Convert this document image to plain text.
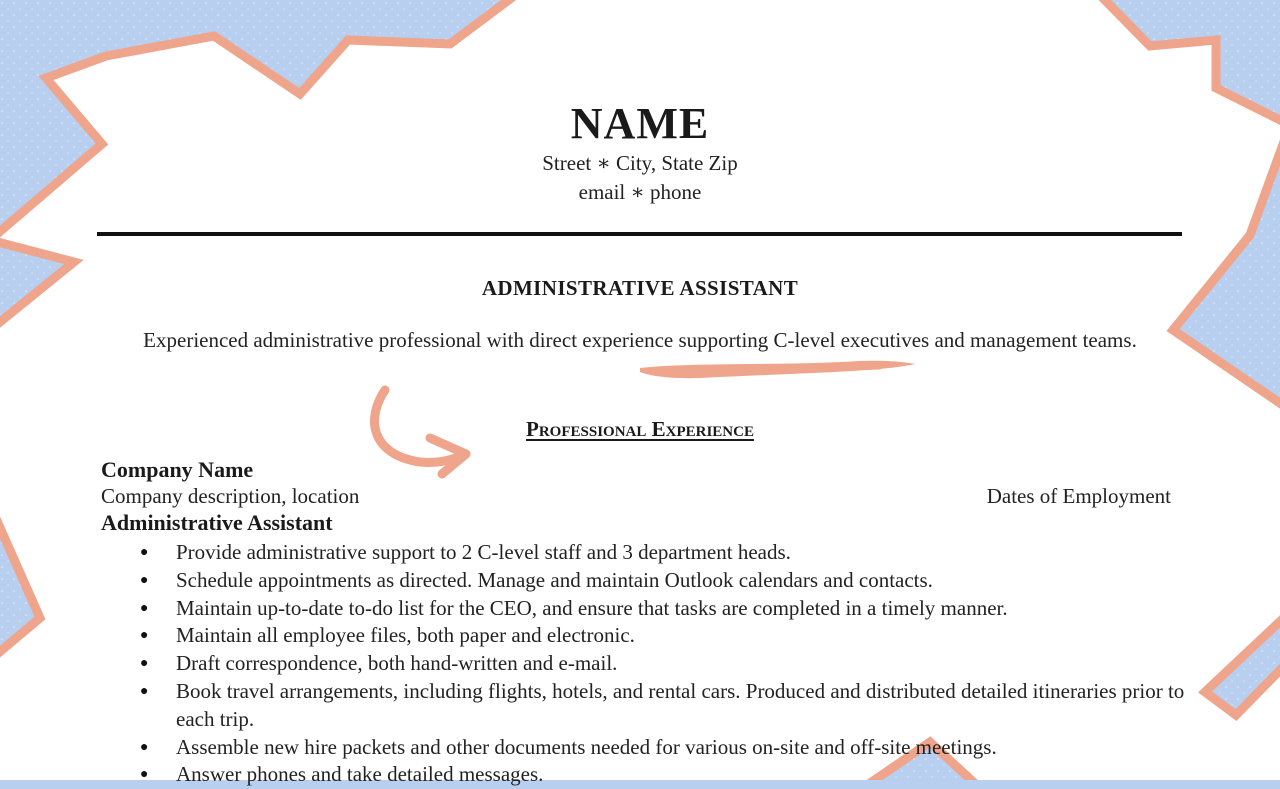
NAME
Street ∗ City, State Zip
email ∗ phone
ADMINISTRATIVE ASSISTANT
Experienced administrative professional with direct experience supporting C-level executives and management teams.
Professional Experience
Company Name
Company description, location	Dates of Employment
Administrative Assistant
● Provide administrative support to 2 C-level staff and 3 department heads.
● Schedule appointments as directed. Manage and maintain Outlook calendars and contacts.
● Maintain up-to-date to-do list for the CEO, and ensure that tasks are completed in a timely manner.
● Maintain all employee files, both paper and electronic.
● Draft correspondence, both hand-written and e-mail.
● Book travel arrangements, including flights, hotels, and rental cars. Produced and distributed detailed itineraries prior to each trip.
● Assemble new hire packets and other documents needed for various on-site and off-site meetings.
● Answer phones and take detailed messages.
